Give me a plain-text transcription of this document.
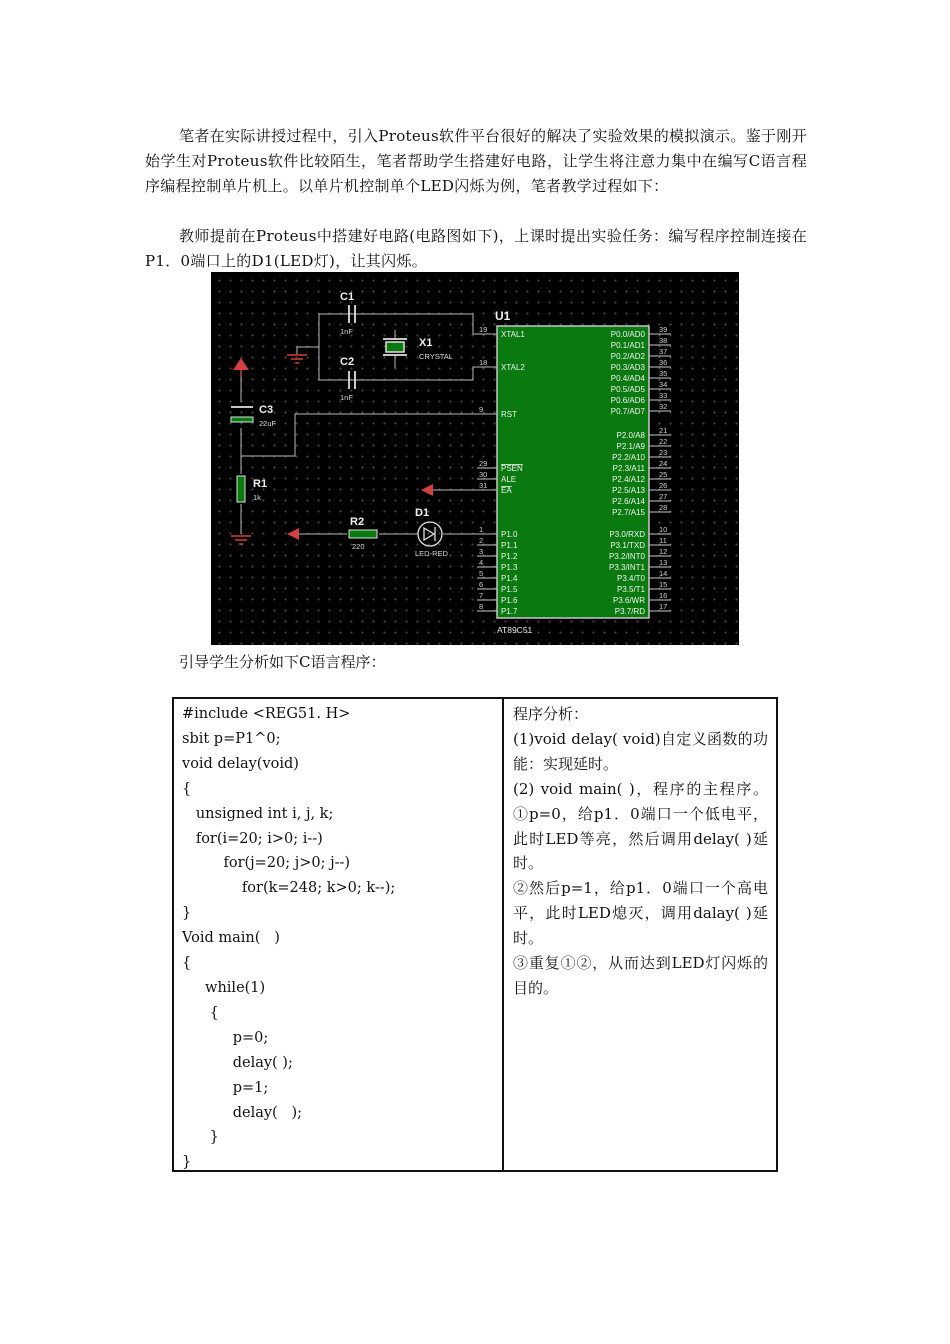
笔者在实际讲授过程中，引入Proteus软件平台很好的解决了实验效果的模拟演示。鉴于刚开始学生对Proteus软件比较陌生，笔者帮助学生搭建好电路，让学生将注意力集中在编写C语言程序编程控制单片机上。以单片机控制单个LED闪烁为例，笔者教学过程如下：

教师提前在Proteus中搭建好电路(电路图如下)，上课时提出实验任务：编写程序控制连接在P1．0端口上的D1(LED灯)，让其闪烁。

U1
AT89C51
19
XTAL1
18
XTAL2
9
RST
29
PSEN
30
ALE
31
EA
1
P1.0
2
P1.1
3
P1.2
4
P1.3
5
P1.4
6
P1.5
7
P1.6
8
P1.7
39
P0.0/AD0
38
P0.1/AD1
37
P0.2/AD2
36
P0.3/AD3
35
P0.4/AD4
34
P0.5/AD5
33
P0.6/AD6
32
P0.7/AD7
21
P2.0/A8
22
P2.1/A9
23
P2.2/A10
24
P2.3/A11
25
P2.4/A12
26
P2.5/A13
27
P2.6/A14
28
P2.7/A15
10
P3.0/RXD
11
P3.1/TXD
12
P3.2/INT0
13
P3.3/INT1
14
P3.4/T0
15
P3.5/T1
16
P3.6/WR
17
P3.7/RD
C1
1nF
C2
1nF
X1
CRYSTAL
C3
22uF
R1
1k
R2
220
D1
LED-RED
引导学生分析如下C语言程序：

#include <REG51. H>

sbit p=P1^0;

void delay(void)

{

unsigned int i, j, k;

for(i=20; i>0; i--)

for(j=20; j>0; j--)

for(k=248; k>0; k--);

}

Void main(   )

{

while(1)

{

p=0;

delay( );

p=1;

delay(   );

}

}

程序分析：

(1)void delay( void)自定义函数的功能：实现延时。

(2) void main( )，程序的主程序。①p=0，给p1．0端口一个低电平，此时LED等亮，然后调用delay( )延时。

②然后p=1，给p1．0端口一个高电平，此时LED熄灭，调用dalay( )延时。

③重复①②，从而达到LED灯闪烁的目的。
